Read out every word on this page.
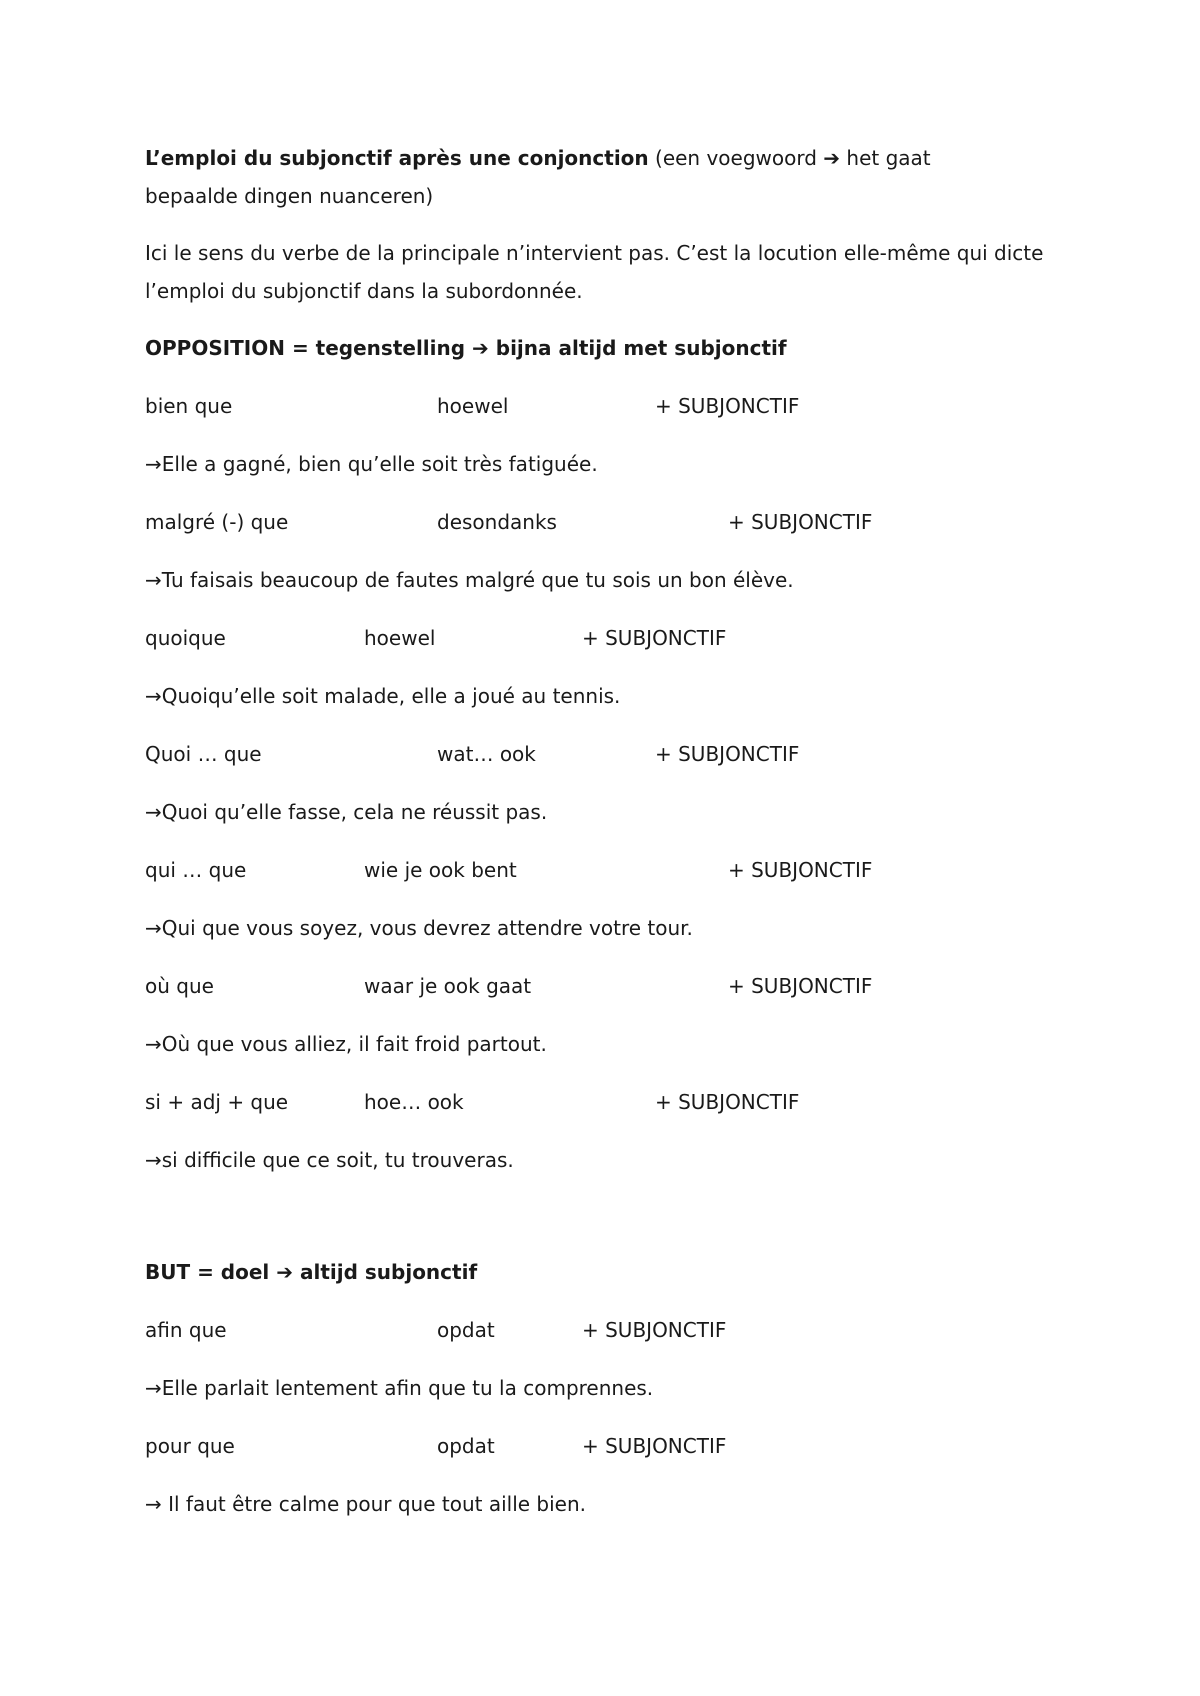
L’emploi du subjonctif après une conjonction (een voegwoord ➔ het gaat
bepaalde dingen nuanceren)
Ici le sens du verbe de la principale n’intervient pas. C’est la locution elle-même qui dicte
l’emploi du subjonctif dans la subordonnée.
OPPOSITION = tegenstelling ➔ bijna altijd met subjonctif
bien que	hoewel	+ SUBJONCTIF
→Elle a gagné, bien qu’elle soit très fatiguée.
malgré (-) que	desondanks	+ SUBJONCTIF
→Tu faisais beaucoup de fautes malgré que tu sois un bon élève.
quoique	hoewel	+ SUBJONCTIF
→Quoiqu’elle soit malade, elle a joué au tennis.
Quoi … que	wat… ook	+ SUBJONCTIF
→Quoi qu’elle fasse, cela ne réussit pas.
qui … que	wie je ook bent	+ SUBJONCTIF
→Qui que vous soyez, vous devrez attendre votre tour.
où que	waar je ook gaat	+ SUBJONCTIF
→Où que vous alliez, il fait froid partout.
si + adj + que	hoe… ook	+ SUBJONCTIF
→si difficile que ce soit, tu trouveras.
BUT = doel ➔ altijd subjonctif
afin que	opdat	+ SUBJONCTIF
→Elle parlait lentement afin que tu la comprennes.
pour que	opdat	+ SUBJONCTIF
→ Il faut être calme pour que tout aille bien.
